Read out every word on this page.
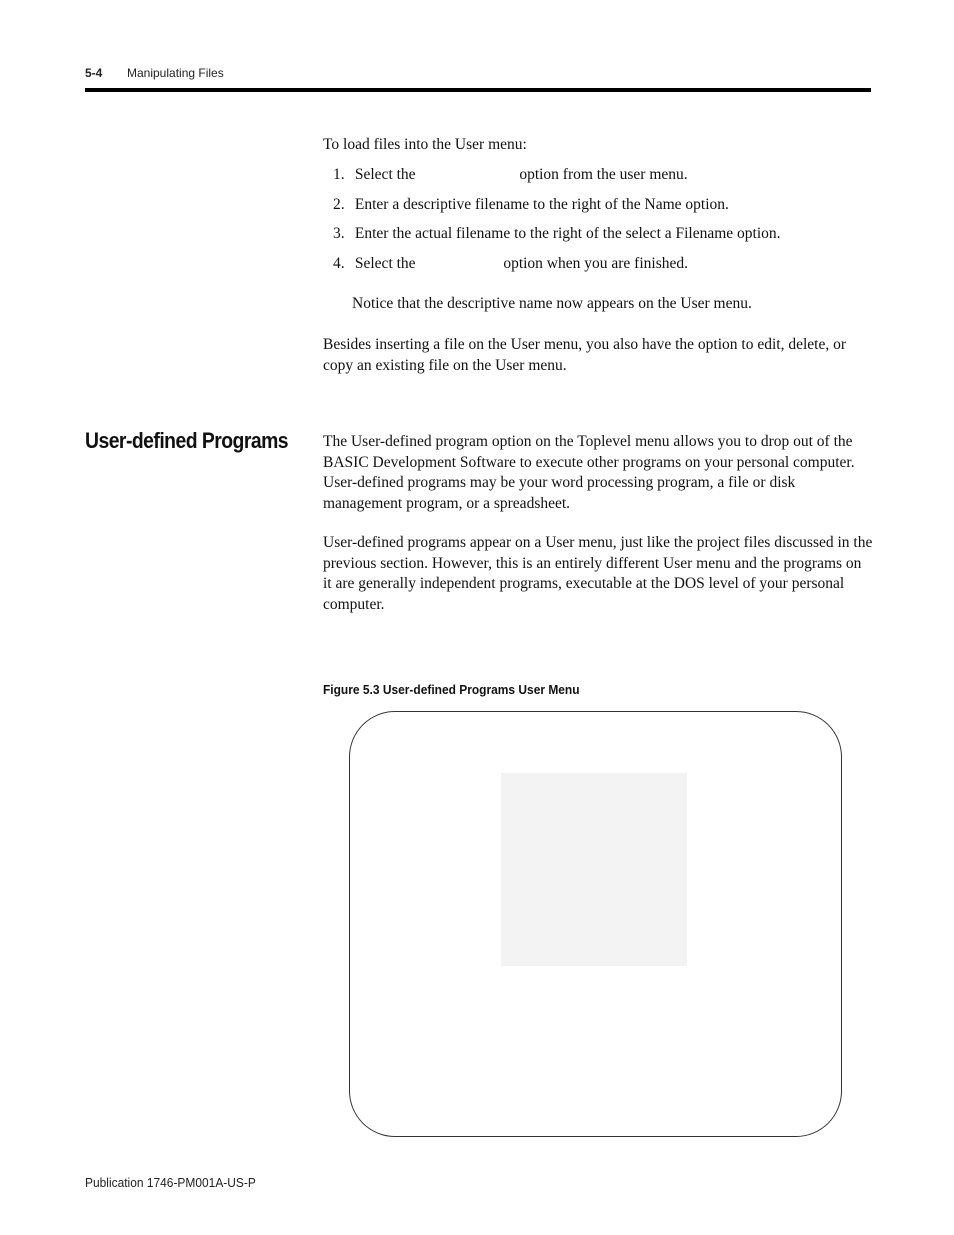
5-4 Manipulating Files
To load files into the User menu:
1. Select the	option from the user menu.
2. Enter a descriptive filename to the right of the Name option.
3. Enter the actual filename to the right of the select a Filename option.
4. Select the	option when you are finished.
Notice that the descriptive name now appears on the User menu.
Besides inserting a file on the User menu, you also have the option to edit, delete, or copy an existing file on the User menu.
User-defined Programs The User-defined program option on the Toplevel menu allows you to drop out of the BASIC Development Software to execute other programs on your personal computer. User-defined programs may be your word processing program, a file or disk management program, or a spreadsheet.
User-defined programs appear on a User menu, just like the project files discussed in the previous section. However, this is an entirely different User menu and the programs on it are generally independent programs, executable at the DOS level of your personal computer.
Figure 5.3 User-defined Programs User Menu
Publication 1746-PM001A-US-P
